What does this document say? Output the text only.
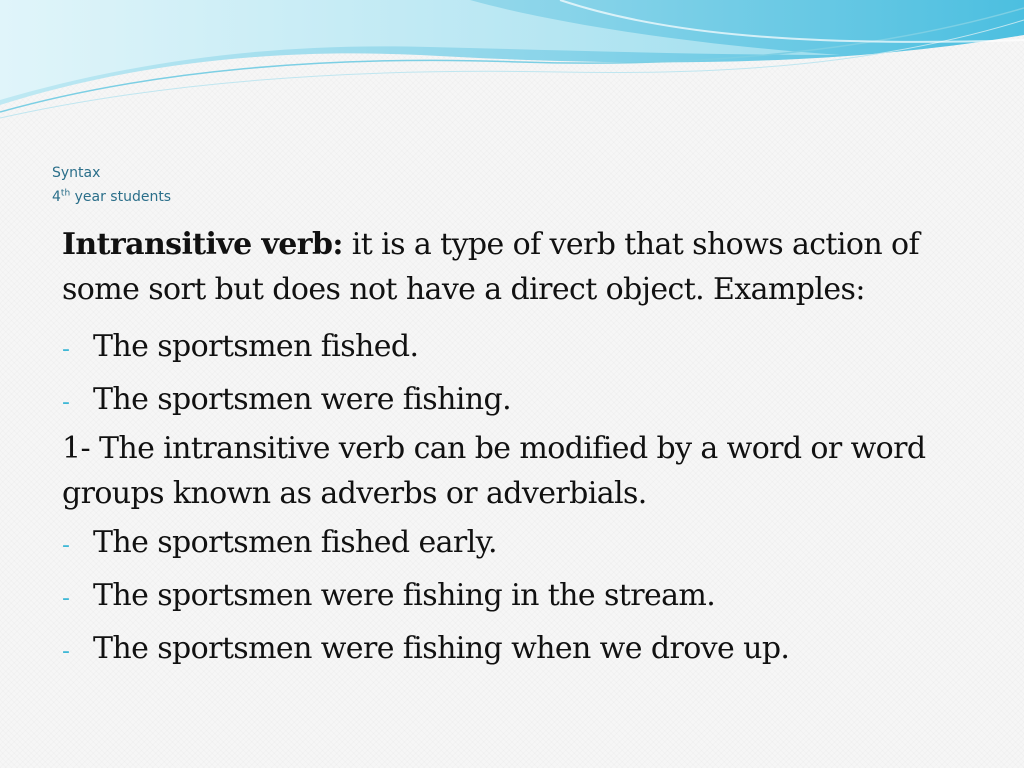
Syntax
4th year students

Intransitive verb: it is a type of verb that shows action of some sort but does not have a direct object. Examples:

- The sportsmen fished.
- The sportsmen were fishing.

1- The intransitive verb can be modified by a word or word groups known as adverbs or adverbials.

- The sportsmen fished early.
- The sportsmen were fishing in the stream.
- The sportsmen were fishing when we drove up.
